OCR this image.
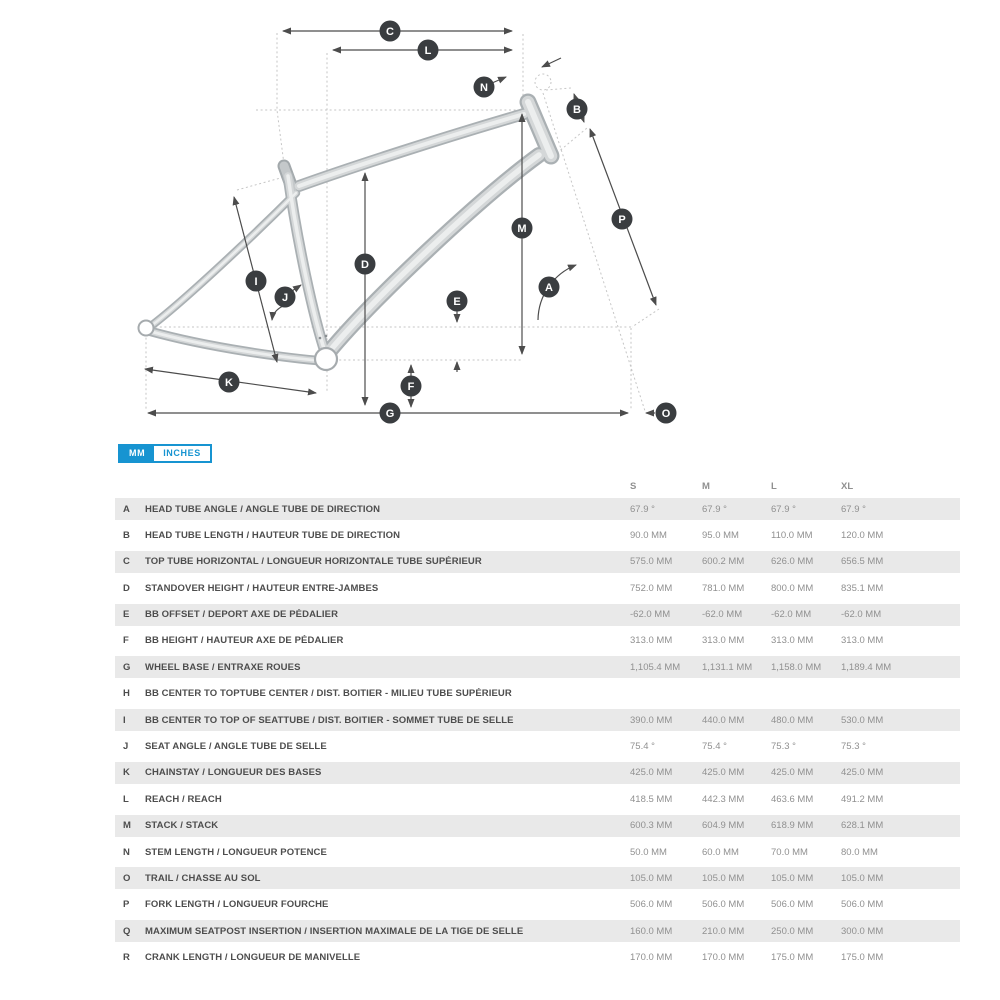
C
L
N
B
P
M
D
I
J	E
A
K	F
G	O
MM	INCHES
S	M	L	XL
A	HEAD TUBE ANGLE / ANGLE TUBE DE DIRECTION	67.9 °	67.9 °	67.9 °	67.9 °
B	HEAD TUBE LENGTH / HAUTEUR TUBE DE DIRECTION	90.0 MM	95.0 MM	110.0 MM	120.0 MM
C	TOP TUBE HORIZONTAL / LONGUEUR HORIZONTALE TUBE SUPÉRIEUR	575.0 MM	600.2 MM	626.0 MM	656.5 MM
D	STANDOVER HEIGHT / HAUTEUR ENTRE-JAMBES	752.0 MM	781.0 MM	800.0 MM	835.1 MM
E	BB OFFSET / DEPORT AXE DE PÉDALIER	-62.0 MM	-62.0 MM	-62.0 MM	-62.0 MM
F	BB HEIGHT / HAUTEUR AXE DE PÉDALIER	313.0 MM	313.0 MM	313.0 MM	313.0 MM
G	WHEEL BASE / ENTRAXE ROUES	1,105.4 MM	1,131.1 MM	1,158.0 MM	1,189.4 MM
H	BB CENTER TO TOPTUBE CENTER / DIST. BOITIER - MILIEU TUBE SUPÉRIEUR
I	BB CENTER TO TOP OF SEATTUBE / DIST. BOITIER - SOMMET TUBE DE SELLE	390.0 MM	440.0 MM	480.0 MM	530.0 MM
J	SEAT ANGLE / ANGLE TUBE DE SELLE	75.4 °	75.4 °	75.3 °	75.3 °
K	CHAINSTAY / LONGUEUR DES BASES	425.0 MM	425.0 MM	425.0 MM	425.0 MM
L	REACH / REACH	418.5 MM	442.3 MM	463.6 MM	491.2 MM
M	STACK / STACK	600.3 MM	604.9 MM	618.9 MM	628.1 MM
N	STEM LENGTH / LONGUEUR POTENCE	50.0 MM	60.0 MM	70.0 MM	80.0 MM
O	TRAIL / CHASSE AU SOL	105.0 MM	105.0 MM	105.0 MM	105.0 MM
P	FORK LENGTH / LONGUEUR FOURCHE	506.0 MM	506.0 MM	506.0 MM	506.0 MM
Q	MAXIMUM SEATPOST INSERTION / INSERTION MAXIMALE DE LA TIGE DE SELLE	160.0 MM	210.0 MM	250.0 MM	300.0 MM
R	CRANK LENGTH / LONGUEUR DE MANIVELLE	170.0 MM	170.0 MM	175.0 MM	175.0 MM
